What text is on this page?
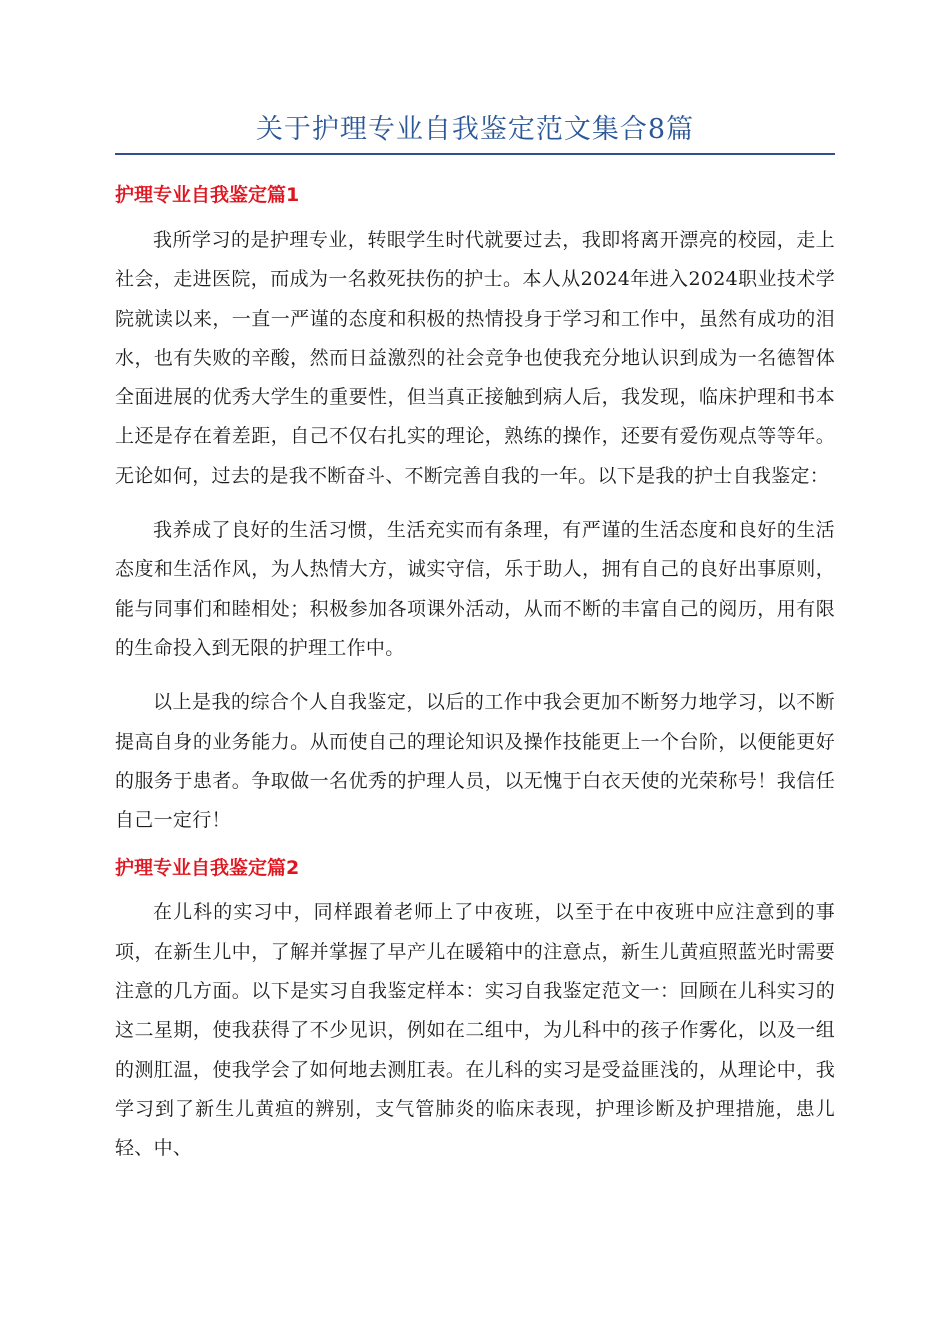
关于护理专业自我鉴定范文集合8篇
护理专业自我鉴定篇1

我所学习的是护理专业，转眼学生时代就要过去，我即将离开漂亮的校园，走上社会，走进医院，而成为一名救死扶伤的护士。本人从2024年进入2024职业技术学院就读以来，一直一严谨的态度和积极的热情投身于学习和工作中，虽然有成功的泪水，也有失败的辛酸，然而日益激烈的社会竞争也使我充分地认识到成为一名德智体全面进展的优秀大学生的重要性，但当真正接触到病人后，我发现，临床护理和书本上还是存在着差距，自己不仅右扎实的理论，熟练的操作，还要有爱伤观点等等年。无论如何，过去的是我不断奋斗、不断完善自我的一年。以下是我的护士自我鉴定：

我养成了良好的生活习惯，生活充实而有条理，有严谨的生活态度和良好的生活态度和生活作风，为人热情大方，诚实守信，乐于助人，拥有自己的良好出事原则，能与同事们和睦相处；积极参加各项课外活动，从而不断的丰富自己的阅历，用有限的生命投入到无限的护理工作中。

以上是我的综合个人自我鉴定，以后的工作中我会更加不断努力地学习，以不断提高自身的业务能力。从而使自己的理论知识及操作技能更上一个台阶，以便能更好的服务于患者。争取做一名优秀的护理人员，以无愧于白衣天使的光荣称号！我信任自己一定行！

护理专业自我鉴定篇2

在儿科的实习中，同样跟着老师上了中夜班，以至于在中夜班中应注意到的事项，在新生儿中，了解并掌握了早产儿在暖箱中的注意点，新生儿黄疸照蓝光时需要注意的几方面。以下是实习自我鉴定样本：实习自我鉴定范文一：回顾在儿科实习的这二星期，使我获得了不少见识，例如在二组中，为儿科中的孩子作雾化，以及一组的测肛温，使我学会了如何地去测肛表。在儿科的实习是受益匪浅的，从理论中，我学习到了新生儿黄疸的辨别，支气管肺炎的临床表现，护理诊断及护理措施，患儿轻、中、
